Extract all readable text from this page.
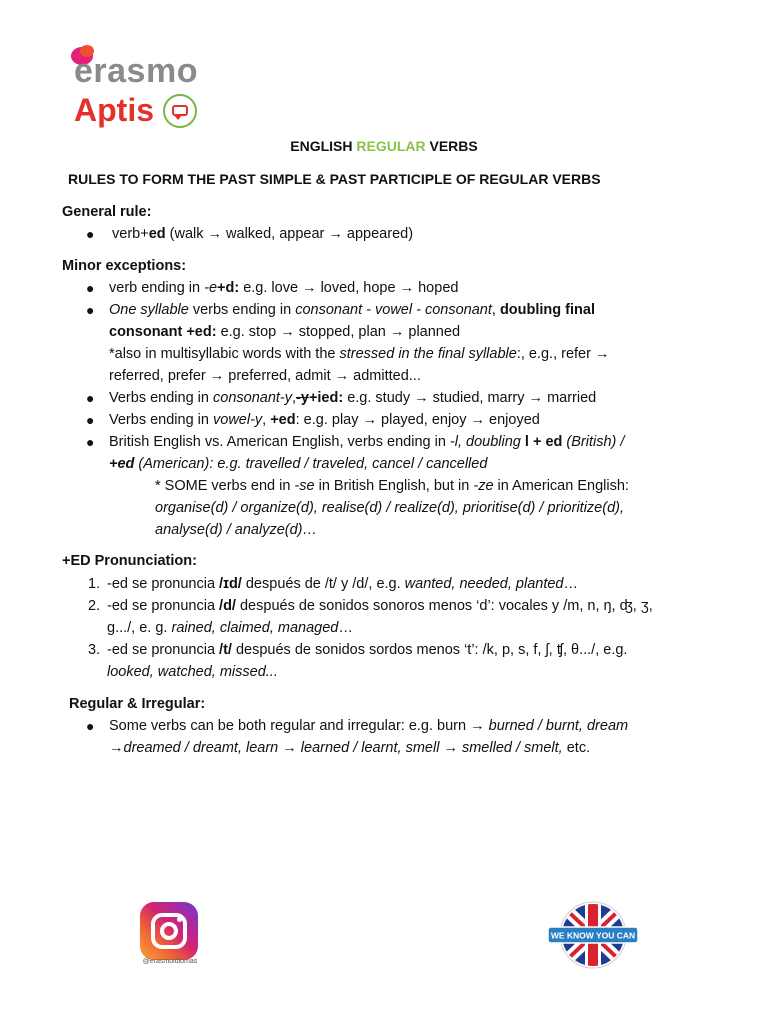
erasmo
Aptis
ENGLISH REGULAR VERBS
RULES TO FORM THE PAST SIMPLE & PAST PARTICIPLE OF REGULAR VERBS
General rule:
● verb+ed (walk → walked, appear → appeared)
Minor exceptions:
● verb ending in -e+d: e.g. love → loved, hope → hoped
● One syllable verbs ending in consonant - vowel - consonant, doubling final
consonant +ed: e.g. stop → stopped, plan → planned
*also in multisyllabic words with the stressed in the final syllable:, e.g., refer →
referred, prefer → preferred, admit → admitted...
● Verbs ending in consonant-y,-y+ied: e.g. study → studied, marry → married
● Verbs ending in vowel-y, +ed: e.g. play → played, enjoy → enjoyed
● British English vs. American English, verbs ending in -l, doubling l + ed (British) /
+ed (American): e.g. travelled / traveled, cancel / cancelled
* SOME verbs end in -se in British English, but in -ze in American English:
organise(d) / organize(d), realise(d) / realize(d), prioritise(d) / prioritize(d),
analyse(d) / analyze(d)…
+ED Pronunciation:
1. -ed se pronuncia /ɪd/ después de /t/ y /d/, e.g. wanted, needed, planted…
2. -ed se pronuncia /d/ después de sonidos sonoros menos ‘d’: vocales y /m, n, ŋ, ʤ, ʒ,
g.../, e. g. rained, claimed, managed…
3. -ed se pronuncia /t/ después de sonidos sordos menos ‘t’: /k, p, s, f, ʃ, ʧ, θ.../, e.g.
looked, watched, missed...
Regular & Irregular:
● Some verbs can be both regular and irregular: e.g. burn → burned / burnt, dream
→dreamed / dreamt, learn → learned / learnt, smell → smelled / smelt, etc.
@erasmoidiomas
WE KNOW YOU CAN
